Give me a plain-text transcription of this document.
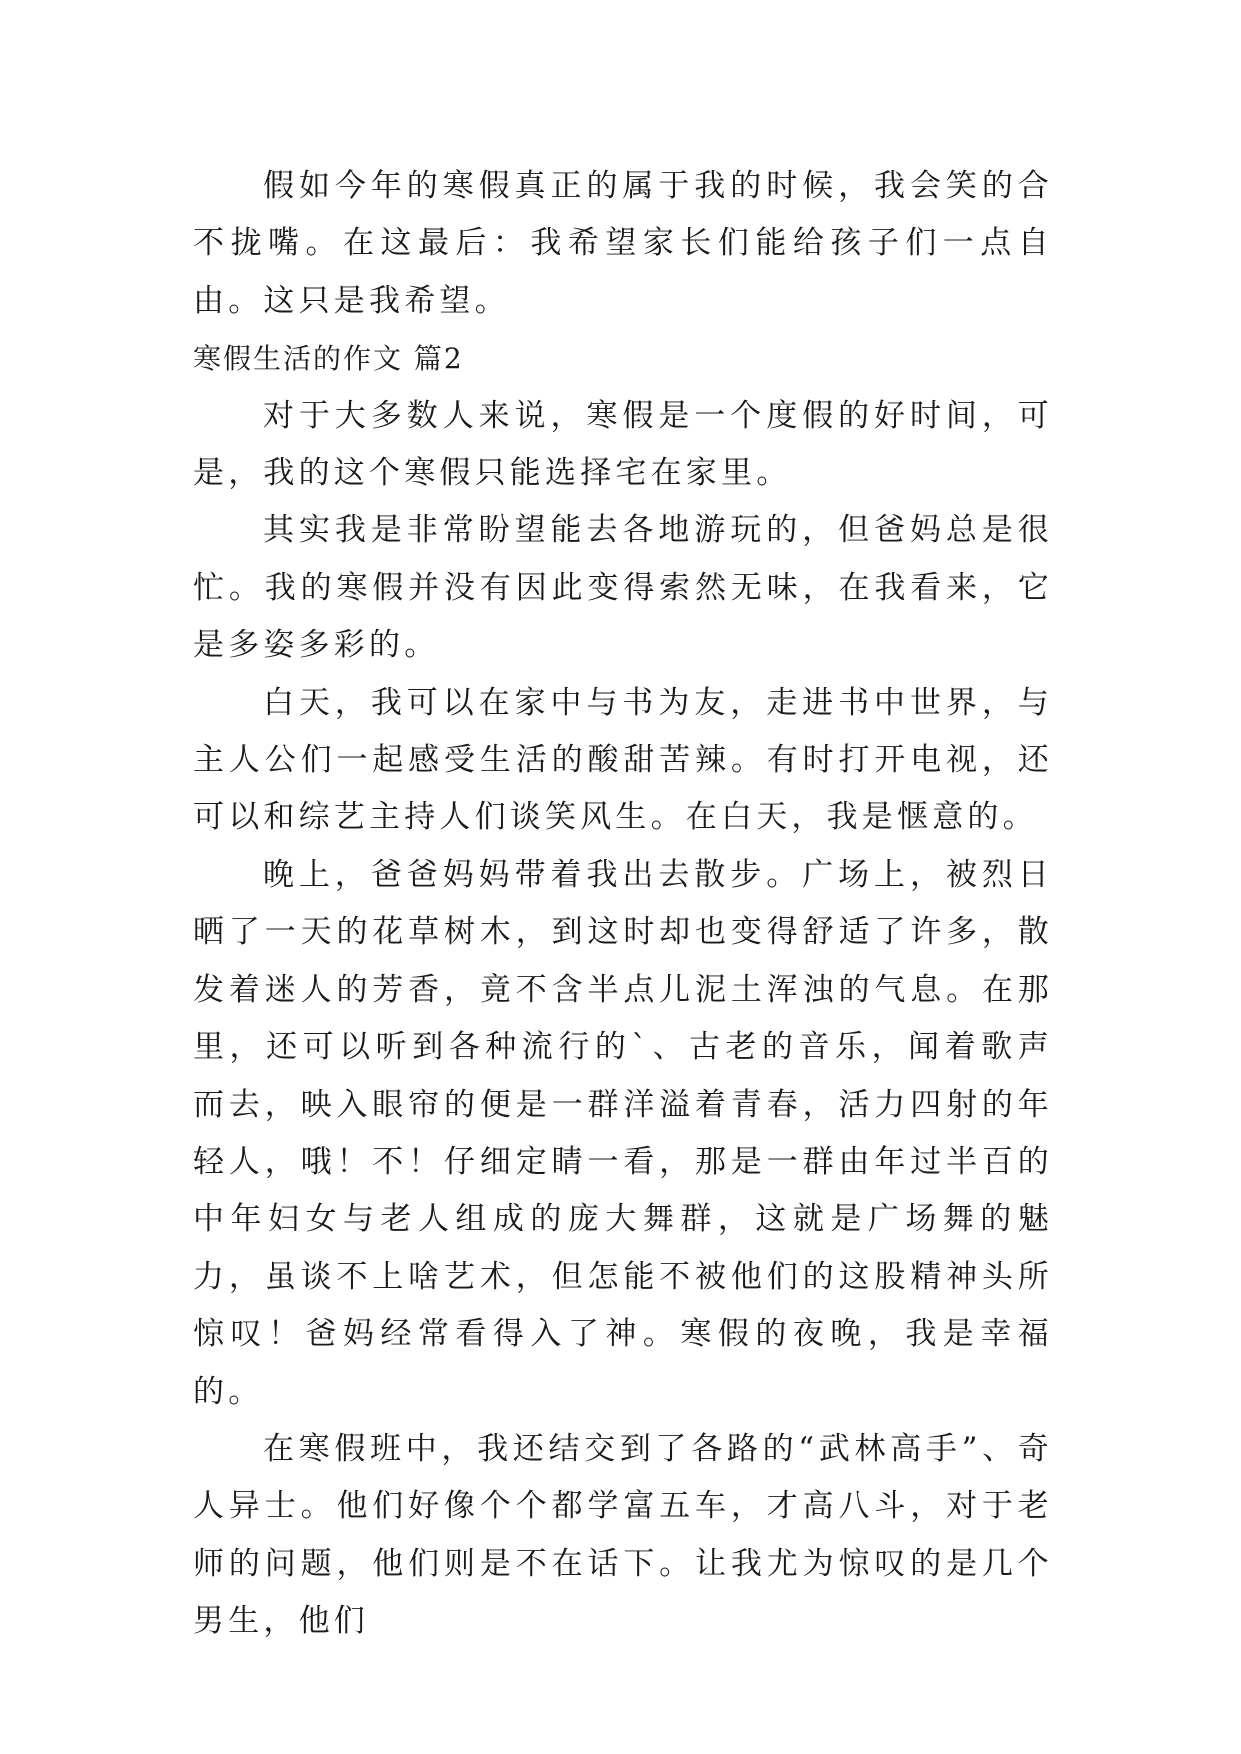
假如今年的寒假真正的属于我的时候，我会笑的合不拢嘴。在这最后：我希望家长们能给孩子们一点自由。这只是我希望。

寒假生活的作文 篇2

对于大多数人来说，寒假是一个度假的好时间，可是，我的这个寒假只能选择宅在家里。

其实我是非常盼望能去各地游玩的，但爸妈总是很忙。我的寒假并没有因此变得索然无味，在我看来，它是多姿多彩的。

白天，我可以在家中与书为友，走进书中世界，与主人公们一起感受生活的酸甜苦辣。有时打开电视，还可以和综艺主持人们谈笑风生。在白天，我是惬意的。

晚上，爸爸妈妈带着我出去散步。广场上，被烈日晒了一天的花草树木，到这时却也变得舒适了许多，散发着迷人的芳香，竟不含半点儿泥土浑浊的气息。在那里，还可以听到各种流行的`、古老的音乐，闻着歌声而去，映入眼帘的便是一群洋溢着青春，活力四射的年轻人，哦！不！仔细定睛一看，那是一群由年过半百的中年妇女与老人组成的庞大舞群，这就是广场舞的魅力，虽谈不上啥艺术，但怎能不被他们的这股精神头所惊叹！爸妈经常看得入了神。寒假的夜晚，我是幸福的。

在寒假班中，我还结交到了各路的“武林高手”、奇人异士。他们好像个个都学富五车，才高八斗，对于老师的问题，他们则是不在话下。让我尤为惊叹的是几个男生，他们
